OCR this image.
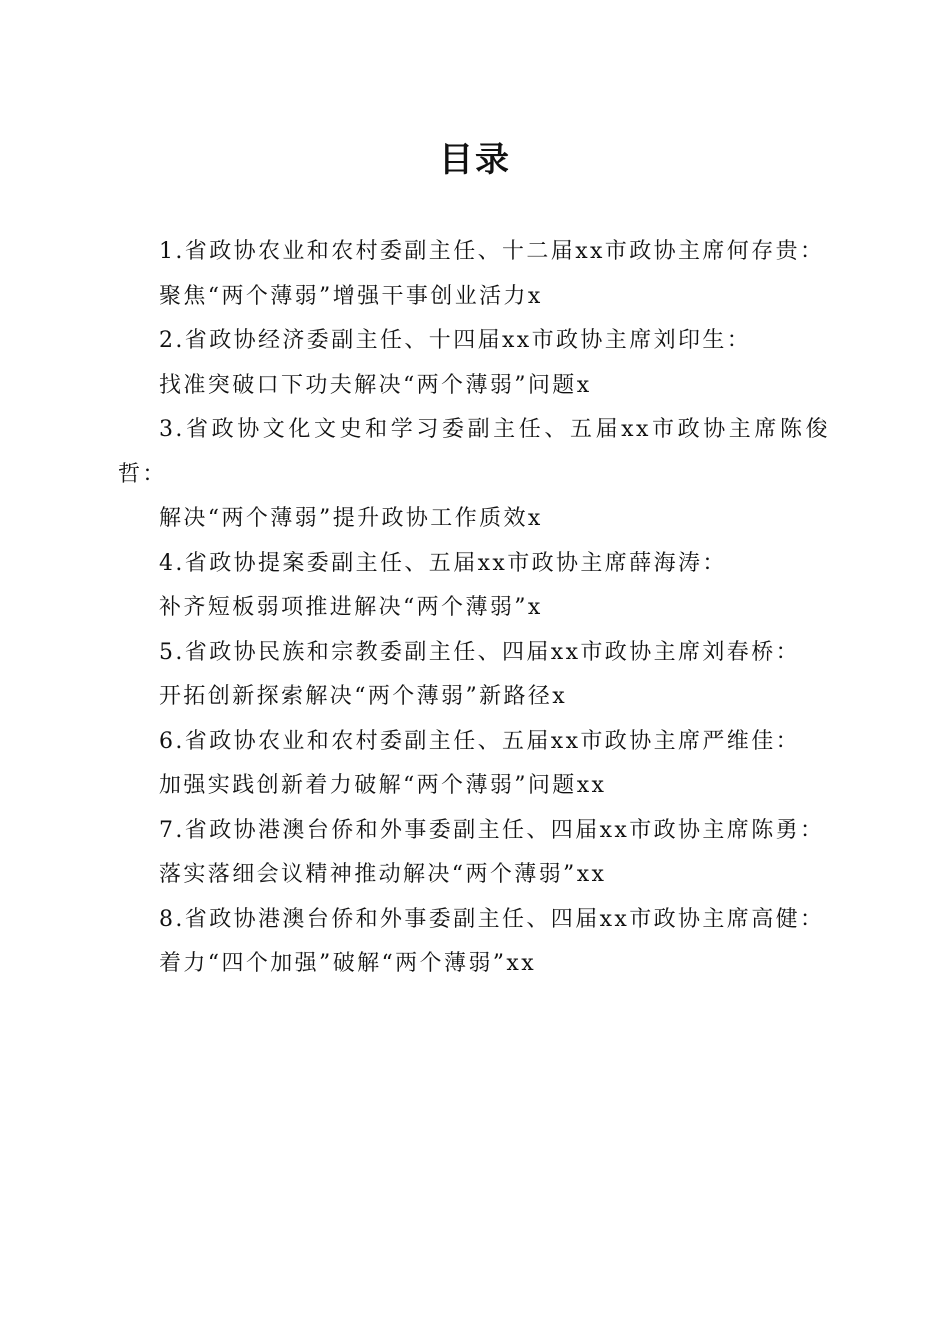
目录

1.省政协农业和农村委副主任、十二届xx市政协主席何存贵：

聚焦“两个薄弱”增强干事创业活力x

2.省政协经济委副主任、十四届xx市政协主席刘印生：

找准突破口下功夫解决“两个薄弱”问题x

3.省政协文化文史和学习委副主任、五届xx市政协主席陈俊哲：

解决“两个薄弱”提升政协工作质效x

4.省政协提案委副主任、五届xx市政协主席薛海涛：

补齐短板弱项推进解决“两个薄弱”x

5.省政协民族和宗教委副主任、四届xx市政协主席刘春桥：

开拓创新探索解决“两个薄弱”新路径x

6.省政协农业和农村委副主任、五届xx市政协主席严维佳：

加强实践创新着力破解“两个薄弱”问题xx

7.省政协港澳台侨和外事委副主任、四届xx市政协主席陈勇：

落实落细会议精神推动解决“两个薄弱”xx

8.省政协港澳台侨和外事委副主任、四届xx市政协主席高健：

着力“四个加强”破解“两个薄弱”xx
